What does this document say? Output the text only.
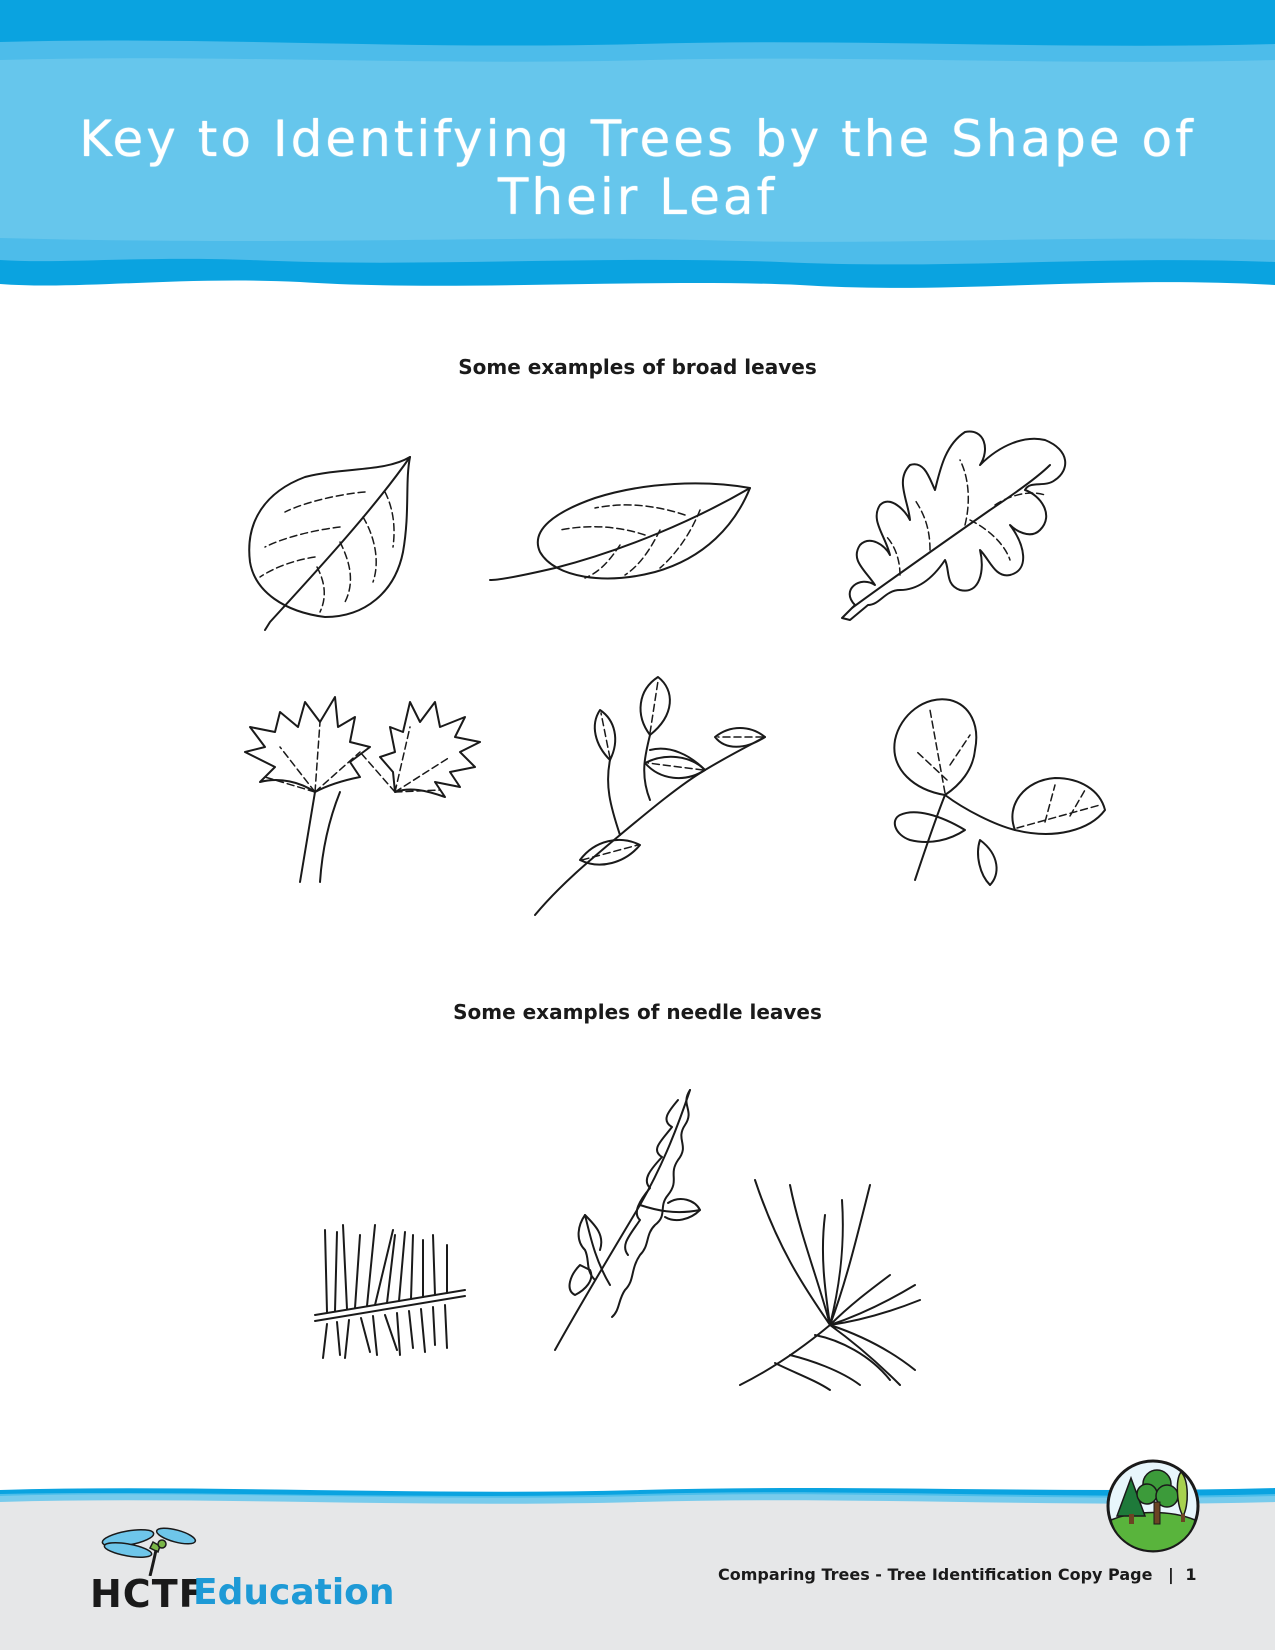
Key to Identifying Trees by the Shape of Their Leaf
Some examples of broad leaves
Some examples of needle leaves
HCTF
Education	Comparing Trees - Tree Identification Copy Page | 1
